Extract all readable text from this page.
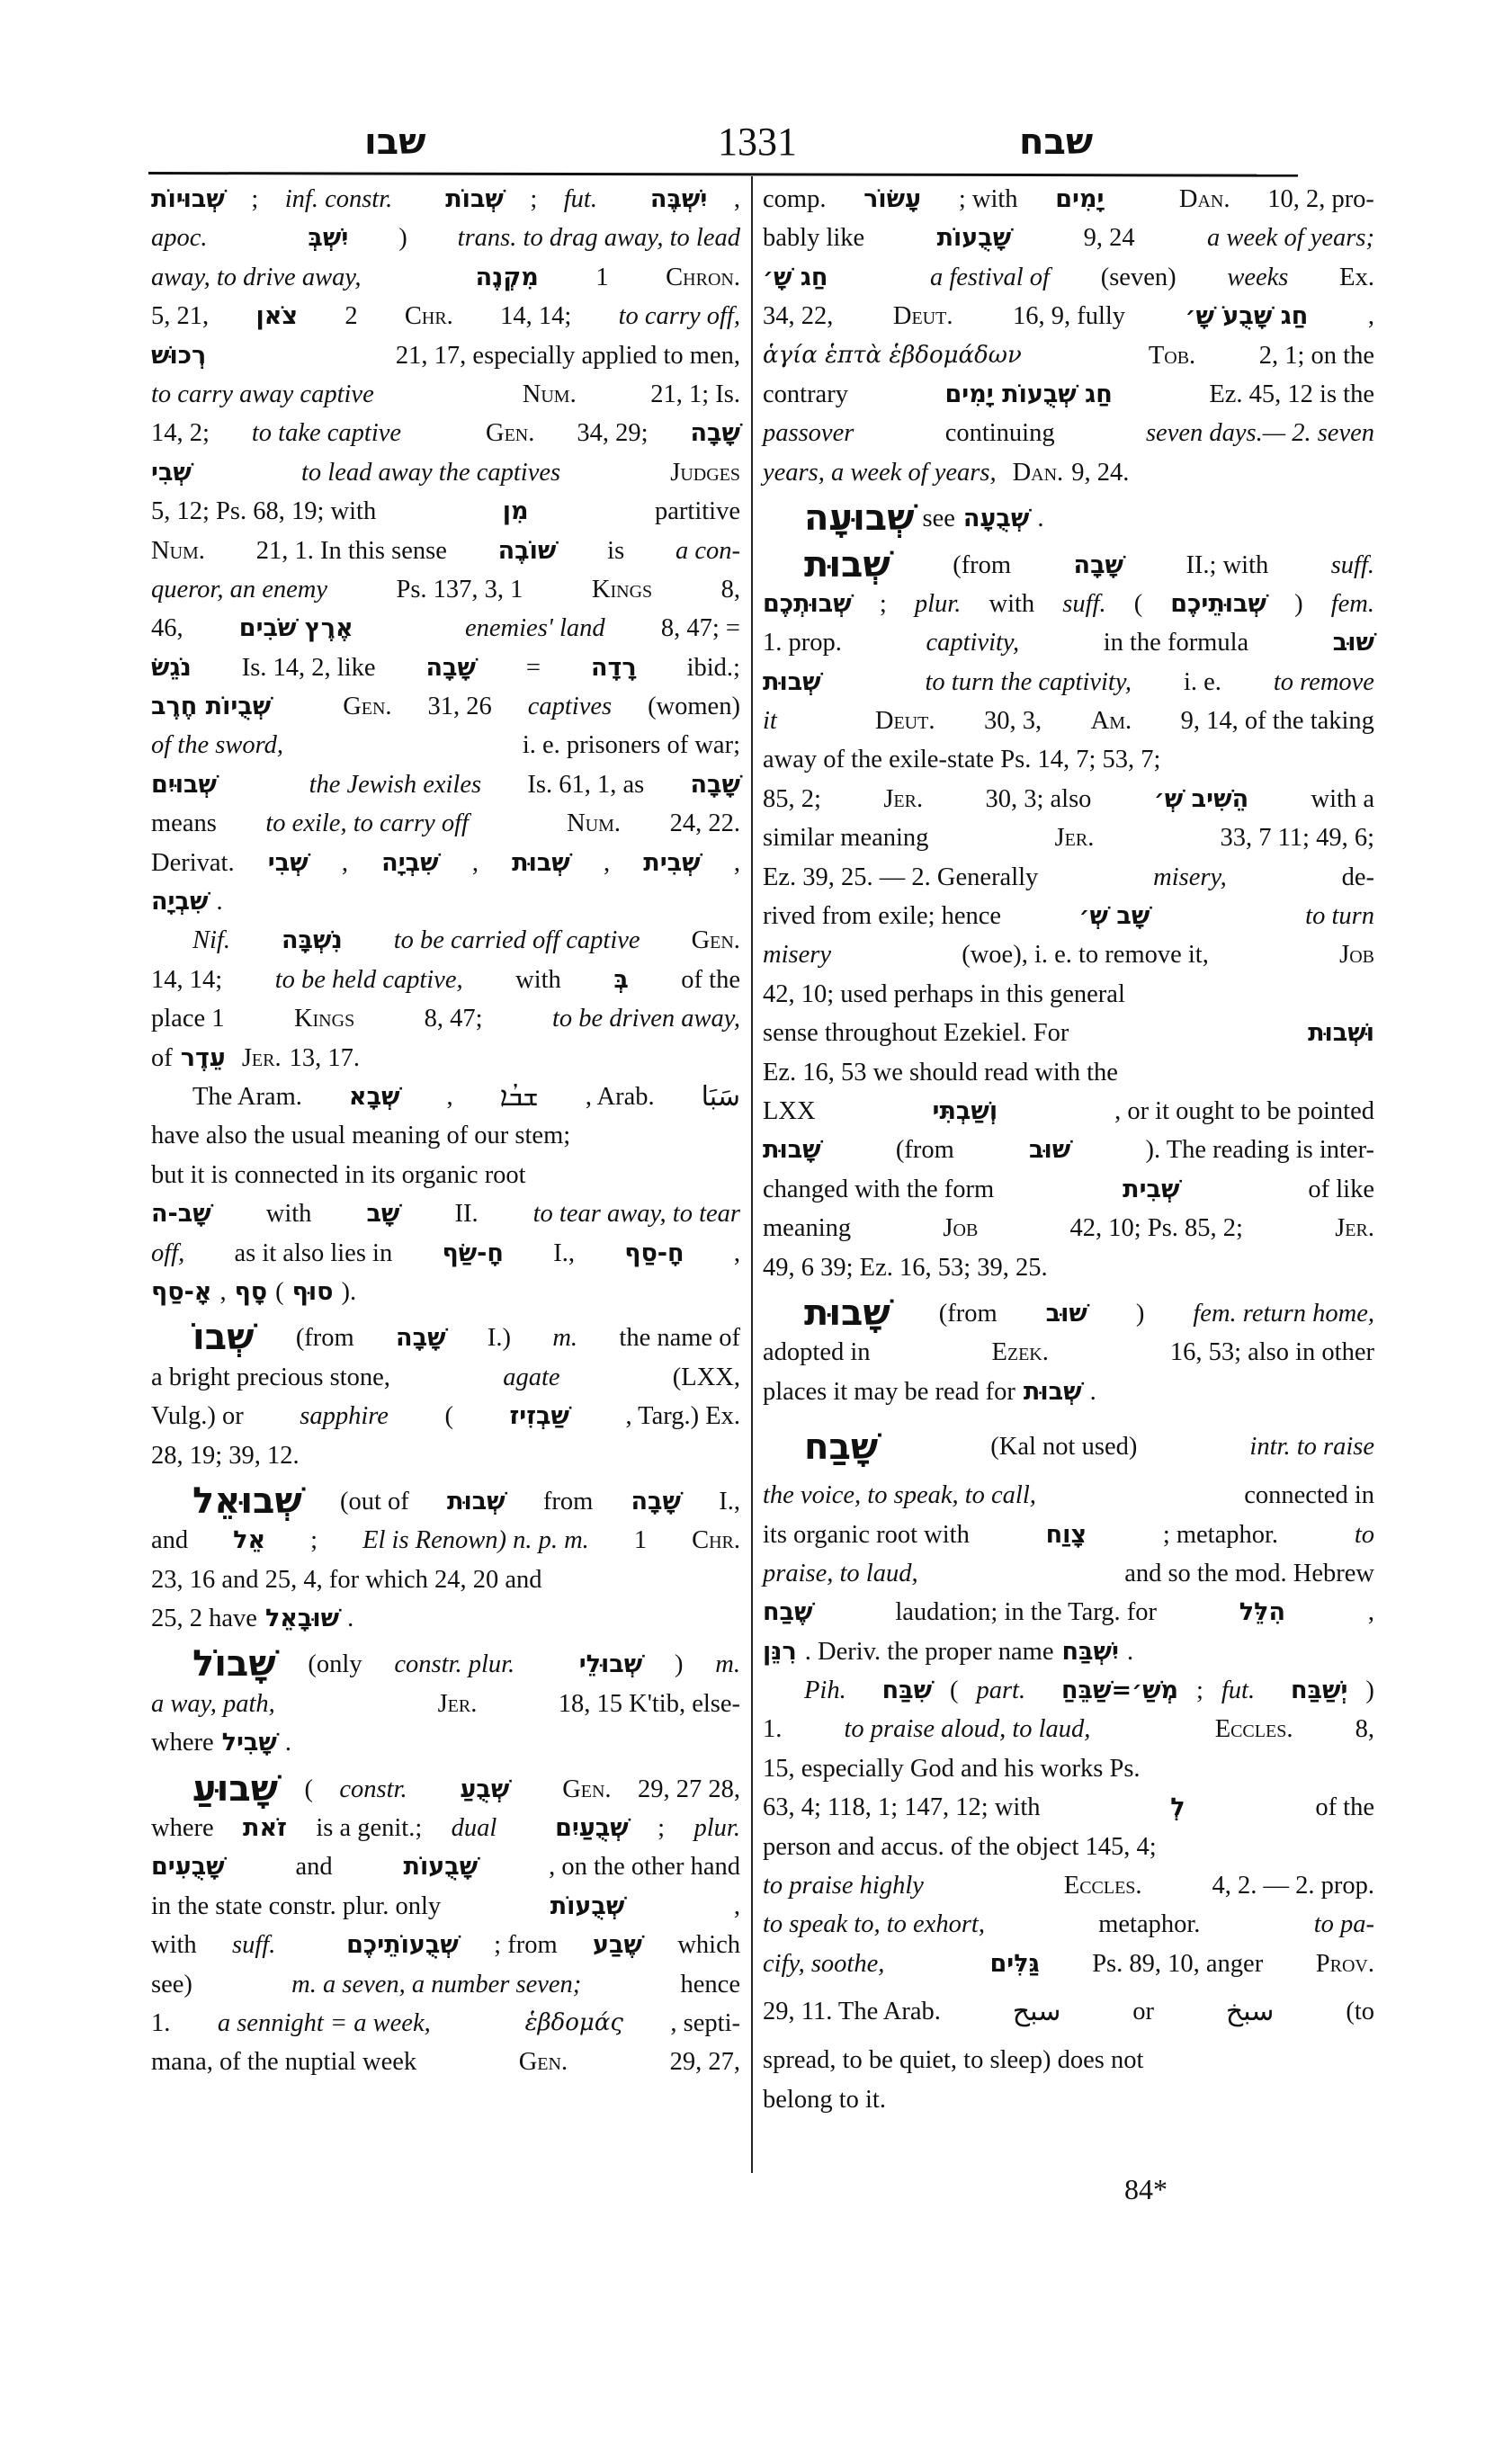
שבו	1331	שבח
שְׁבוּיוֹת ; inf. constr. שְׁבוֹת ; fut. יִשְׁבֶּה ,
apoc.	יִשְׁבְּ ) trans. to drag away, to lead
away, to drive away,	מִקְנֶה 1 Chron.
5, 21, צֹאן 2 Chr. 14, 14; to carry off,
רְכוּשׁ	21, 17, especially applied to men,
to carry away captive	Num.	21, 1; Is.
14, 2; to take captive	Gen. 34, 29; שָׁבָה
שְׁבִי	to lead away the captives	Judges
5, 12; Ps. 68, 19; with	מִן	partitive
Num. 21, 1. In this sense שׁוֹבֶה is a con-
queror, an enemy	Ps. 137, 3, 1	Kings	8,
46, אֶרֶץ שֹׁבִים	enemies' land 8, 47; =
נֹגֵשׂ Is. 14, 2, like שָׁבָה = רָדָה ibid.;
שְׁבֻיוֹת חֶרֶב	Gen. 31, 26 captives (women)
of the sword,	i. e. prisoners of war;
שְׁבוּיִם	the Jewish exiles Is. 61, 1, as שָׁבָה
means to exile, to carry off	Num. 24, 22.
Derivat. שְׁבִי , שִׁבְיָה , שְׁבוּת , שְׁבִית ,
שִׁבְיָה .
Nif. נִשְׁבָּה to be carried off captive Gen.
14, 14; to be held captive, with בְּ of the
place 1	Kings	8, 47;	to be driven away,
of עֵדֶר Jer. 13, 17.
The Aram. שְׁבָא , ܫܒܳܐ , Arab. سَبَا
have also the usual meaning of our stem;
but it is connected in its organic root
שָׁב-ה with שָׁב II. to tear away, to tear
off, as it also lies in חָ-שַׂף I., חָ-סַף ,
אָ-סַף , סָף ( סוּף ).
שְׁבוֹ (from שָׁבָה I.) m. the name of
a bright precious stone,	agate	(LXX,
Vulg.) or sapphire ( שַׁבְזִיז , Targ.) Ex.
28, 19; 39, 12.
שְׁבוּאֵל (out of שְׁבוּת from שָׁבָה I.,
and אֵל ; El is Renown) n. p. m. 1 Chr.
23, 16 and 25, 4, for which 24, 20 and
25, 2 have שׁוּבָאֵל .
שָׁבוֹל (only constr. plur.	שְׁבוּלֵי ) m.
a way, path,	Jer.	18, 15 K'tib, else-
where שָׁבִיל .
שָׁבוּעַ ( constr. שְׁבֻעַ Gen. 29, 27 28,
where זֹאת is a genit.; dual שְׁבֻעַיִם ; plur.
שָׁבֻעִים	and	שָׁבֻעוֹת	, on the other hand
in the state constr. plur. only	שְׁבֻעוֹת	,
with suff.	שְׁבֻעוֹתֵיכֶם ; from שֶׁבַע which
see)	m. a seven, a number seven;	hence
1. a sennight = a week,	ἑβδομάς , septi-
mana, of the nuptial week	Gen.	29, 27,
comp. עָשׂוֹר ; with יָמִים	Dan. 10, 2, pro-
bably like	שָׁבֻעוֹת	9, 24	a week of years;
חַג שָׁ׳	a festival of (seven) weeks Ex.
34, 22, Deut. 16, 9, fully חַג שָׁבֻעֹ שָׁ׳ ,
ἁγία ἑπτὰ ἑβδομάδων	Tob. 2, 1; on the
contrary	חַג שְׁבֻעוֹת יָמִים	Ez. 45, 12 is the
passover	continuing	seven days.— 2. seven
years, a week of years, Dan. 9, 24.
שְׁבוּעָה see שְׁבֻעָה .
שְׁבוּת (from	שָׁבָה II.; with suff.
שְׁבוּתְכֶם ; plur. with suff. ( שְׁבוּתֵיכֶם ) fem.
1. prop.	captivity,	in the formula	שׁוּב
שְׁבוּת	to turn the captivity, i. e. to remove
it	Deut. 30, 3, Am. 9, 14, of the taking
away of the exile-state Ps. 14, 7; 53, 7;
85, 2; Jer. 30, 3; also	הֵשִׁיב שְׁ׳ with a
similar meaning	Jer.	33, 7 11; 49, 6;
Ez. 39, 25. — 2. Generally	misery,	de-
rived from exile; hence	שָׁב שְׁ׳	to turn
misery	(woe), i. e. to remove it,	Job
42, 10; used perhaps in this general
sense throughout Ezekiel. For	וּשְׁבוּת
Ez. 16, 53 we should read with the
LXX	וְשַׁבְתִּי	, or it ought to be pointed
שָׁבוּת	(from	שׁוּב	). The reading is inter-
changed with the form	שְׁבִית	of like
meaning	Job	42, 10; Ps. 85, 2;	Jer.
49, 6 39; Ez. 16, 53; 39, 25.
שָׁבוּת (from שׁוּב ) fem. return home,
adopted in	Ezek.	16, 53; also in other
places it may be read for שְׁבוּת .
שָׁבַח	(Kal not used)	intr. to raise
the voice, to speak, to call,	connected in
its organic root with	צָוַח	; metaphor.	to
praise, to laud,	and so the mod. Hebrew
שֶׁבַח	laudation; in the Targ. for	הִלֵּל	,
רִנֵּן . Deriv. the proper name יִשְׁבַּח .
Pih. שִׁבַּח ( part. מְשַׁ׳=שַׁבֵּחַ ; fut. יְשַׁבַּח )
1. to praise aloud, to laud,	Eccles. 8,
15, especially God and his works Ps.
63, 4; 118, 1; 147, 12; with	לְ	of the
person and accus. of the object 145, 4;
to praise highly	Eccles.	4, 2. — 2. prop.
to speak to, to exhort,	metaphor.	to pa-
cify, soothe,	גַּלִּים Ps. 89, 10, anger Prov.
29, 11. The Arab.	سبح	or	سبخ	(to
spread, to be quiet, to sleep) does not
belong to it.
84*
